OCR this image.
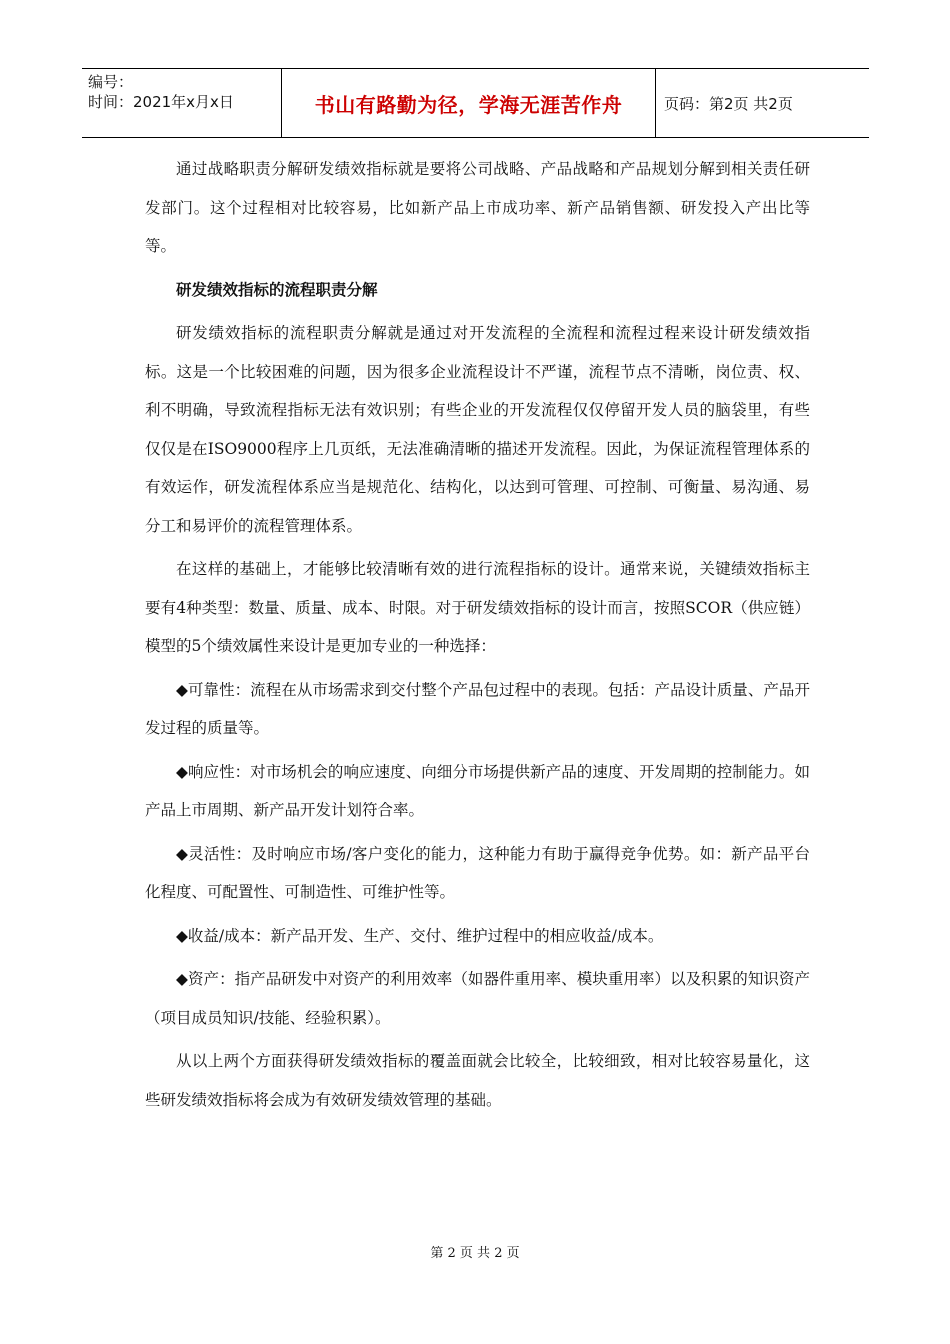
编号：
时间：2021年x月x日	书山有路勤为径，学海无涯苦作舟	页码：第2页 共2页

通过战略职责分解研发绩效指标就是要将公司战略、产品战略和产品规划分解到相关责任研发部门。这个过程相对比较容易，比如新产品上市成功率、新产品销售额、研发投入产出比等等。

研发绩效指标的流程职责分解

研发绩效指标的流程职责分解就是通过对开发流程的全流程和流程过程来设计研发绩效指标。这是一个比较困难的问题，因为很多企业流程设计不严谨，流程节点不清晰，岗位责、权、利不明确，导致流程指标无法有效识别；有些企业的开发流程仅仅停留开发人员的脑袋里，有些仅仅是在ISO9000程序上几页纸，无法准确清晰的描述开发流程。因此，为保证流程管理体系的有效运作，研发流程体系应当是规范化、结构化，以达到可管理、可控制、可衡量、易沟通、易分工和易评价的流程管理体系。

在这样的基础上，才能够比较清晰有效的进行流程指标的设计。通常来说，关键绩效指标主要有4种类型：数量、质量、成本、时限。对于研发绩效指标的设计而言，按照SCOR（供应链）模型的5个绩效属性来设计是更加专业的一种选择：

◆可靠性：流程在从市场需求到交付整个产品包过程中的表现。包括：产品设计质量、产品开发过程的质量等。

◆响应性：对市场机会的响应速度、向细分市场提供新产品的速度、开发周期的控制能力。如产品上市周期、新产品开发计划符合率。

◆灵活性：及时响应市场/客户变化的能力，这种能力有助于赢得竞争优势。如：新产品平台化程度、可配置性、可制造性、可维护性等。

◆收益/成本：新产品开发、生产、交付、维护过程中的相应收益/成本。

◆资产：指产品研发中对资产的利用效率（如器件重用率、模块重用率）以及积累的知识资产（项目成员知识/技能、经验积累）。

从以上两个方面获得研发绩效指标的覆盖面就会比较全，比较细致，相对比较容易量化，这些研发绩效指标将会成为有效研发绩效管理的基础。

第 2 页 共 2 页
